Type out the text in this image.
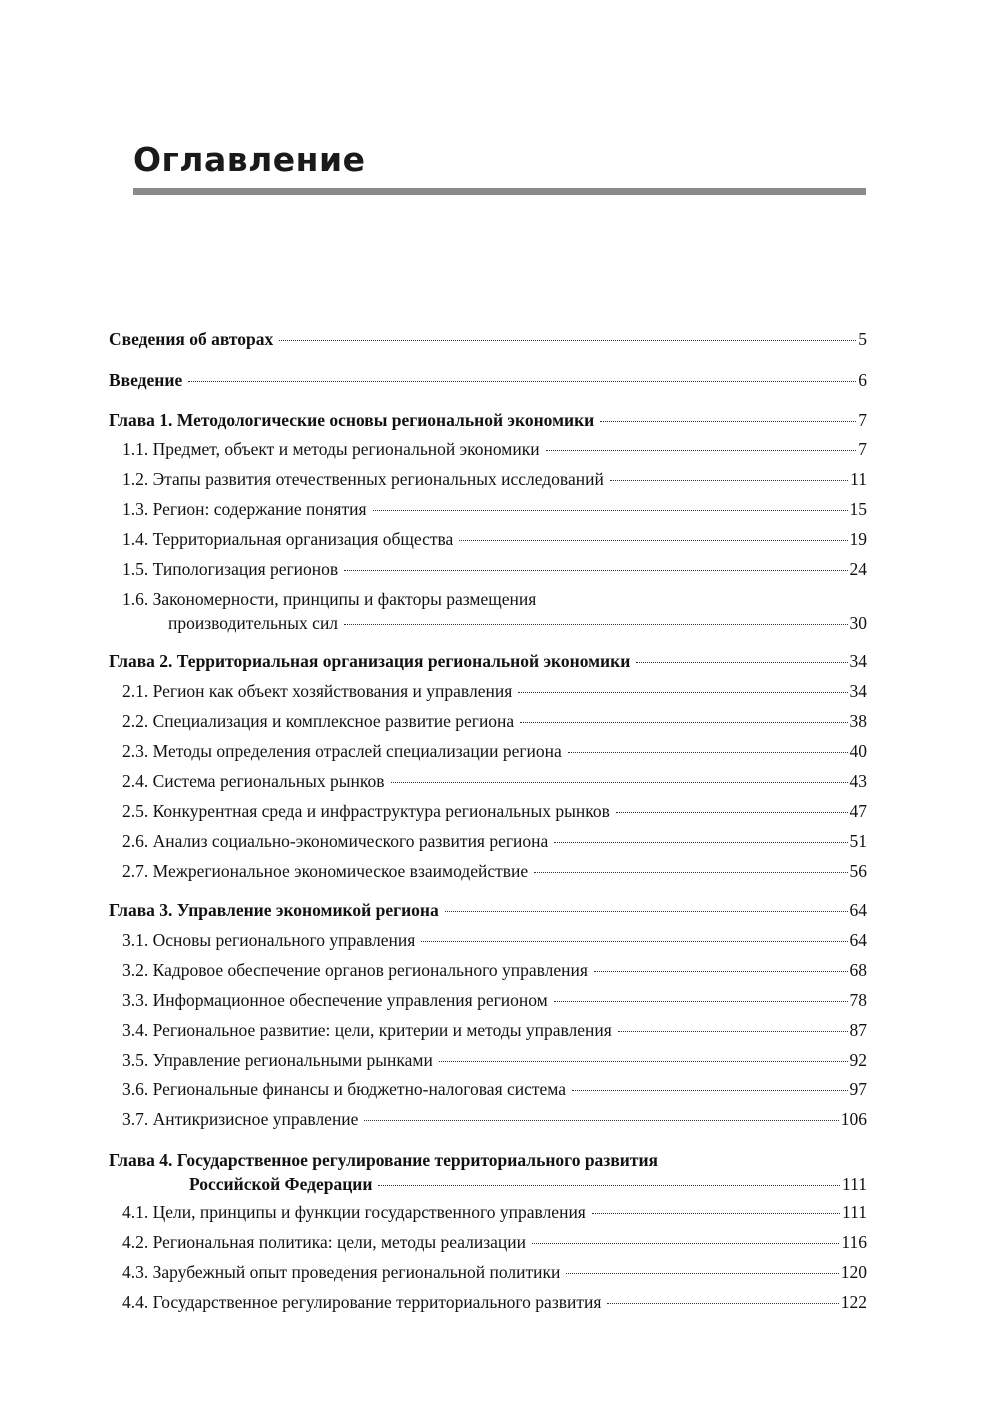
Оглавление
Сведения об авторах	5
Введение	6
Глава 1. Методологические основы региональной экономики	7
1.1. Предмет, объект и методы региональной экономики	7
1.2. Этапы развития отечественных региональных исследований	11
1.3. Регион: содержание понятия	15
1.4. Территориальная организация общества	19
1.5. Типологизация регионов	24
1.6. Закономерности, принципы и факторы размещения
производительных сил	30
Глава 2. Территориальная организация региональной экономики	34
2.1. Регион как объект хозяйствования и управления	34
2.2. Специализация и комплексное развитие региона	38
2.3. Методы определения отраслей специализации региона	40
2.4. Система региональных рынков	43
2.5. Конкурентная среда и инфраструктура региональных рынков	47
2.6. Анализ социально-экономического развития региона	51
2.7. Межрегиональное экономическое взаимодействие	56
Глава 3. Управление экономикой региона	64
3.1. Основы регионального управления	64
3.2. Кадровое обеспечение органов регионального управления	68
3.3. Информационное обеспечение управления регионом	78
3.4. Региональное развитие: цели, критерии и методы управления	87
3.5. Управление региональными рынками	92
3.6. Региональные финансы и бюджетно-налоговая система	97
3.7. Антикризисное управление	106
Глава 4. Государственное регулирование территориального развития
Российской Федерации	111
4.1. Цели, принципы и функции государственного управления	111
4.2. Региональная политика: цели, методы реализации	116
4.3. Зарубежный опыт проведения региональной политики	120
4.4. Государственное регулирование территориального развития	122
